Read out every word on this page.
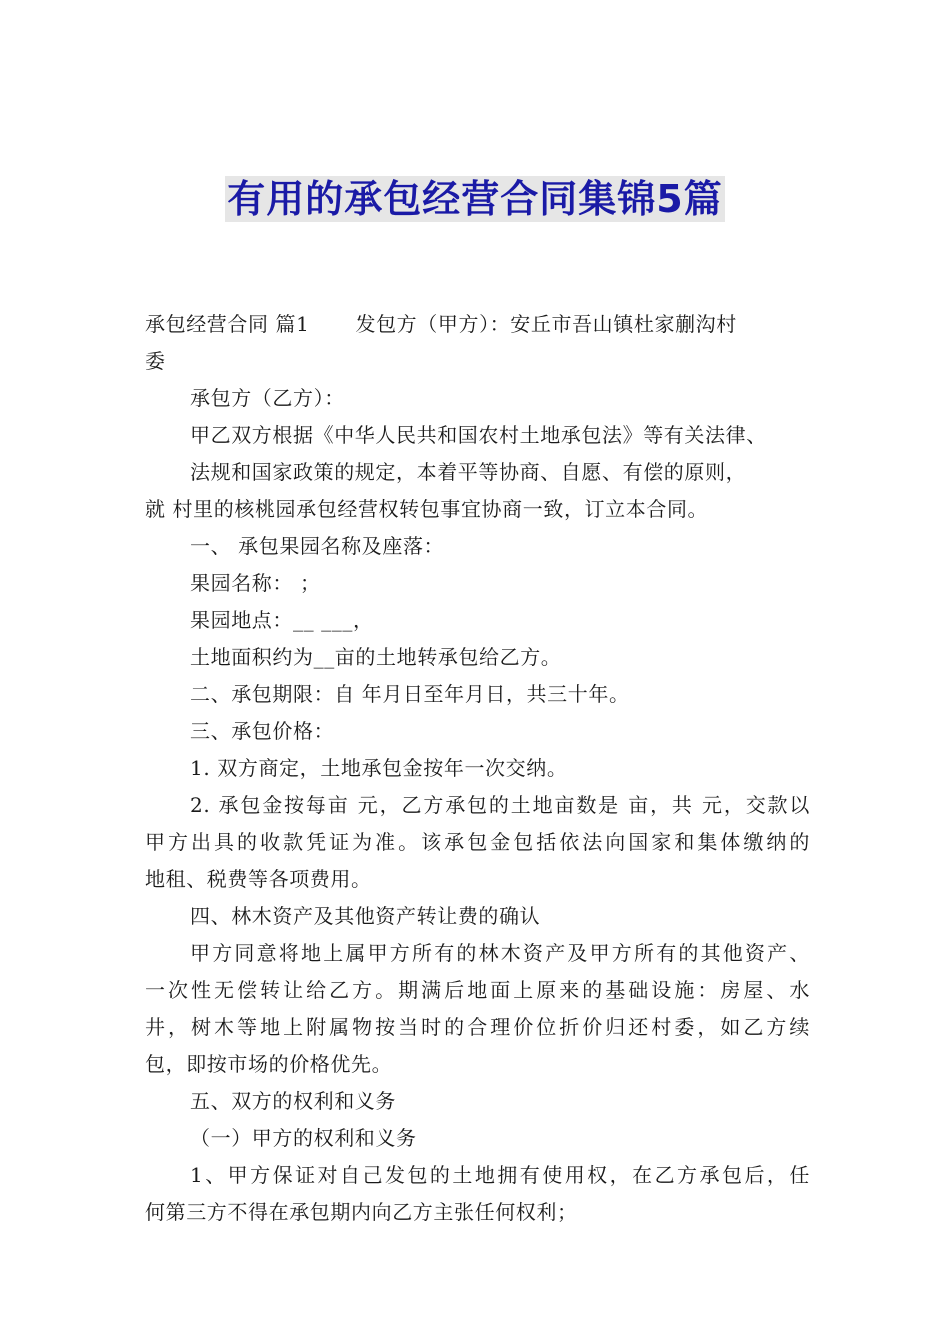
有用的承包经营合同集锦5篇
承包经营合同 篇1 发包方（甲方）：安丘市吾山镇杜家蒯沟村
委
承包方（乙方）：
甲乙双方根据《中华人民共和国农村土地承包法》等有关法律、
法规和国家政策的规定，本着平等协商、自愿、有偿的原则，
就 村里的核桃园承包经营权转包事宜协商一致，订立本合同。
一、 承包果园名称及座落：
果园名称： ；
果园地点：__ ___，
土地面积约为__亩的土地转承包给乙方。
二、承包期限：自 年月日至年月日，共三十年。
三、承包价格：
1. 双方商定，土地承包金按年一次交纳。
2. 承包金按每亩 元，乙方承包的土地亩数是 亩，共 元，交款以
甲方出具的收款凭证为准。该承包金包括依法向国家和集体缴纳的
地租、税费等各项费用。
四、林木资产及其他资产转让费的确认
甲方同意将地上属甲方所有的林木资产及甲方所有的其他资产、
一次性无偿转让给乙方。期满后地面上原来的基础设施：房屋、水
井，树木等地上附属物按当时的合理价位折价归还村委，如乙方续
包，即按市场的价格优先。
五、双方的权利和义务
（一）甲方的权利和义务
1、甲方保证对自己发包的土地拥有使用权，在乙方承包后，任
何第三方不得在承包期内向乙方主张任何权利；
